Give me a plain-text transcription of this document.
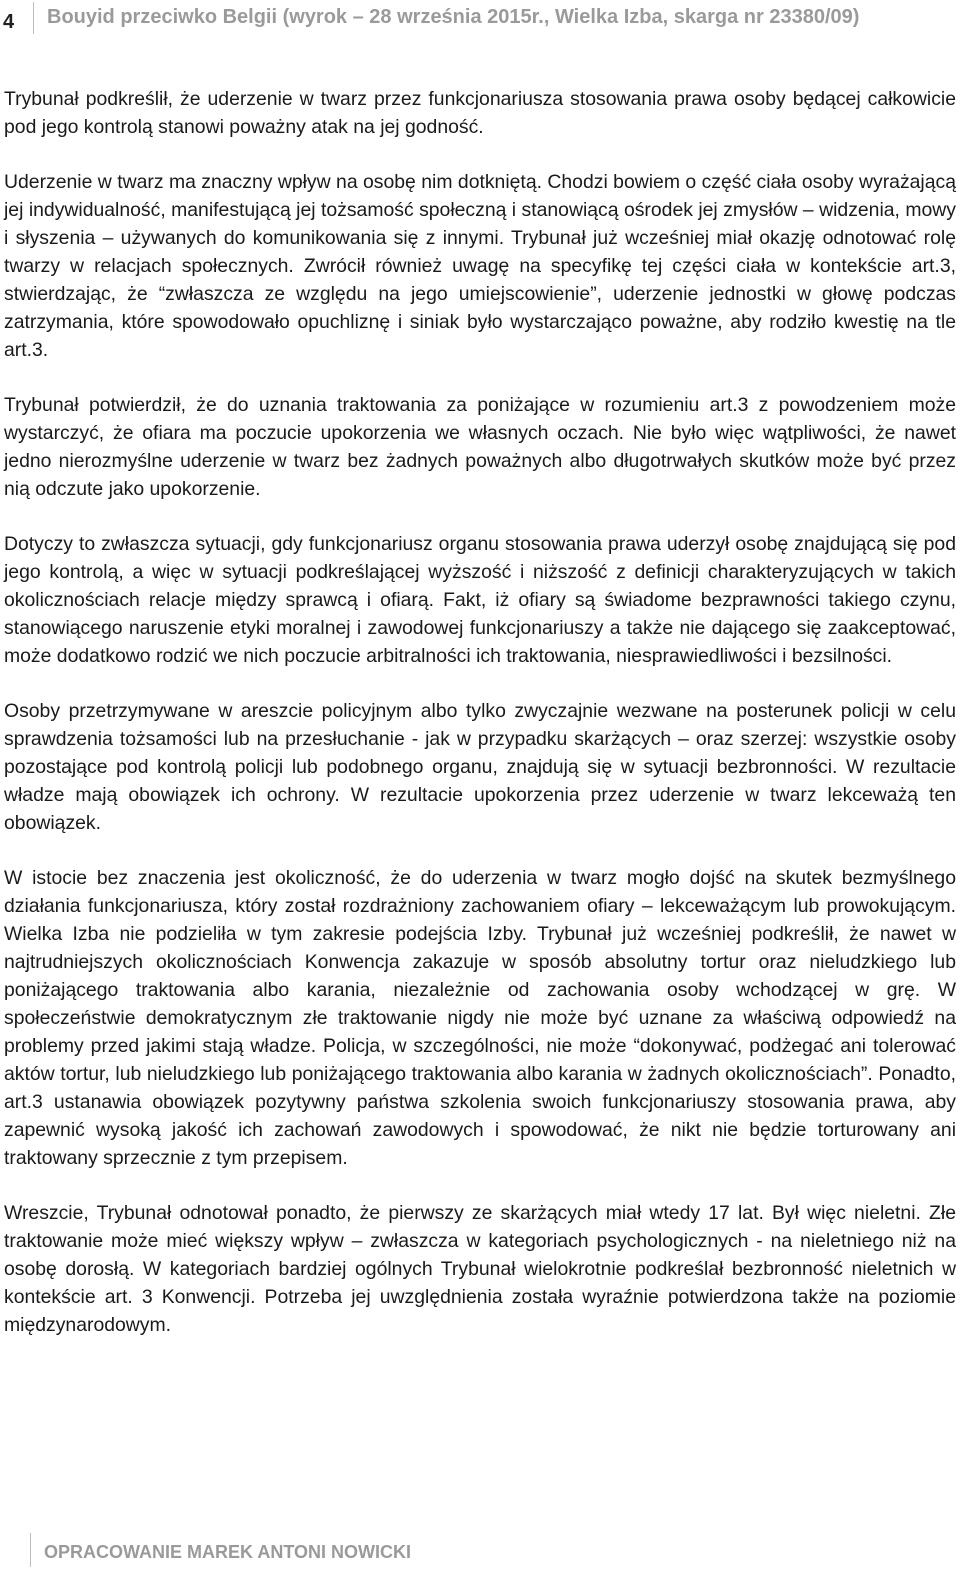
4 Bouyid przeciwko Belgii (wyrok – 28 września 2015r., Wielka Izba, skarga nr 23380/09)

Trybunał podkreślił, że uderzenie w twarz przez funkcjonariusza stosowania prawa osoby będącej całkowicie pod jego kontrolą stanowi poważny atak na jej godność.

Uderzenie w twarz ma znaczny wpływ na osobę nim dotkniętą. Chodzi bowiem o część ciała osoby wyrażającą jej indywidualność, manifestującą jej tożsamość społeczną i stanowiącą ośrodek jej zmysłów – widzenia, mowy i słyszenia – używanych do komunikowania się z innymi. Trybunał już wcześniej miał okazję odnotować rolę twarzy w relacjach społecznych. Zwrócił również uwagę na specyfikę tej części ciała w kontekście art.3, stwierdzając, że “zwłaszcza ze względu na jego umiejscowienie”, uderzenie jednostki w głowę podczas zatrzymania, które spowodowało opuchliznę i siniak było wystarczająco poważne, aby rodziło kwestię na tle art.3.

Trybunał potwierdził, że do uznania traktowania za poniżające w rozumieniu art.3 z powodzeniem może wystarczyć, że ofiara ma poczucie upokorzenia we własnych oczach. Nie było więc wątpliwości, że nawet jedno nierozmyślne uderzenie w twarz bez żadnych poważnych albo długotrwałych skutków może być przez nią odczute jako upokorzenie.

Dotyczy to zwłaszcza sytuacji, gdy funkcjonariusz organu stosowania prawa uderzył osobę znajdującą się pod jego kontrolą, a więc w sytuacji podkreślającej wyższość i niższość z definicji charakteryzujących w takich okolicznościach relacje między sprawcą i ofiarą. Fakt, iż ofiary są świadome bezprawności takiego czynu, stanowiącego naruszenie etyki moralnej i zawodowej funkcjonariuszy a także nie dającego się zaakceptować, może dodatkowo rodzić we nich poczucie arbitralności ich traktowania, niesprawiedliwości i bezsilności.

Osoby przetrzymywane w areszcie policyjnym albo tylko zwyczajnie wezwane na posterunek policji w celu sprawdzenia tożsamości lub na przesłuchanie - jak w przypadku skarżących – oraz szerzej: wszystkie osoby pozostające pod kontrolą policji lub podobnego organu, znajdują się w sytuacji bezbronności. W rezultacie władze mają obowiązek ich ochrony. W rezultacie upokorzenia przez uderzenie w twarz lekceważą ten obowiązek.

W istocie bez znaczenia jest okoliczność, że do uderzenia w twarz mogło dojść na skutek bezmyślnego działania funkcjonariusza, który został rozdrażniony zachowaniem ofiary – lekceważącym lub prowokującym. Wielka Izba nie podzieliła w tym zakresie podejścia Izby. Trybunał już wcześniej podkreślił, że nawet w najtrudniejszych okolicznościach Konwencja zakazuje w sposób absolutny tortur oraz nieludzkiego lub poniżającego traktowania albo karania, niezależnie od zachowania osoby wchodzącej w grę. W społeczeństwie demokratycznym złe traktowanie nigdy nie może być uznane za właściwą odpowiedź na problemy przed jakimi stają władze. Policja, w szczególności, nie może “dokonywać, podżegać ani tolerować aktów tortur, lub nieludzkiego lub poniżającego traktowania albo karania w żadnych okolicznościach”. Ponadto, art.3 ustanawia obowiązek pozytywny państwa szkolenia swoich funkcjonariuszy stosowania prawa, aby zapewnić wysoką jakość ich zachowań zawodowych i spowodować, że nikt nie będzie torturowany ani traktowany sprzecznie z tym przepisem.

Wreszcie, Trybunał odnotował ponadto, że pierwszy ze skarżących miał wtedy 17 lat. Był więc nieletni. Złe traktowanie może mieć większy wpływ – zwłaszcza w kategoriach psychologicznych - na nieletniego niż na osobę dorosłą. W kategoriach bardziej ogólnych Trybunał wielokrotnie podkreślał bezbronność nieletnich w kontekście art. 3 Konwencji. Potrzeba jej uwzględnienia została wyraźnie potwierdzona także na poziomie międzynarodowym.

OPRACOWANIE MAREK ANTONI NOWICKI
